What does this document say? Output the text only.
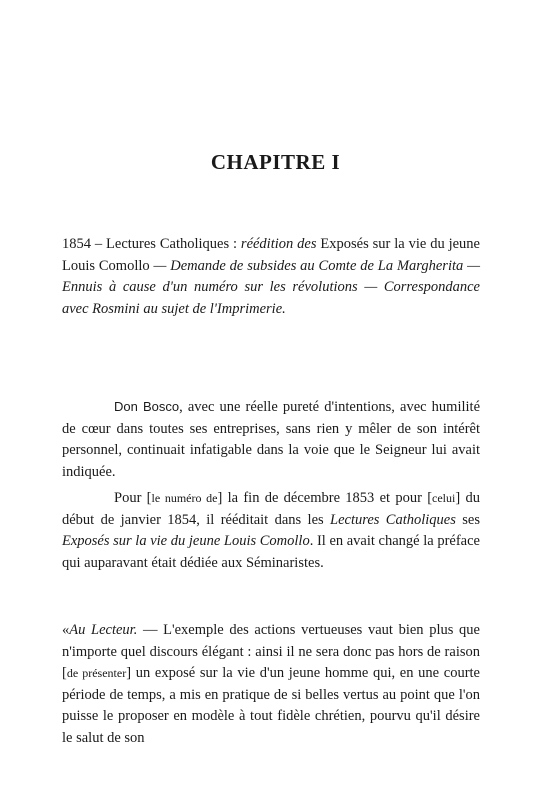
CHAPITRE I
1854 – Lectures Catholiques : réédition des Exposés sur la vie du jeune Louis Comollo — Demande de subsides au Comte de La Margherita — Ennuis à cause d'un numéro sur les révolutions — Correspondance avec Rosmini au sujet de l'Imprimerie.
Don Bosco, avec une réelle pureté d'intentions, avec humilité de cœur dans toutes ses entreprises, sans rien y mêler de son intérêt personnel, continuait infatigable dans la voie que le Seigneur lui avait indiquée.
Pour [le numéro de] la fin de décembre 1853 et pour [celui] du début de janvier 1854, il rééditait dans les Lectures Catholiques ses Exposés sur la vie du jeune Louis Comollo. Il en avait changé la préface qui auparavant était dédiée aux Séminaristes.
«Au Lecteur. — L'exemple des actions vertueuses vaut bien plus que n'importe quel discours élégant : ainsi il ne sera donc pas hors de raison [de présenter] un exposé sur la vie d'un jeune homme qui, en une courte période de temps, a mis en pratique de si belles vertus au point que l'on puisse le proposer en modèle à tout fidèle chrétien, pourvu qu'il désire le salut de son
